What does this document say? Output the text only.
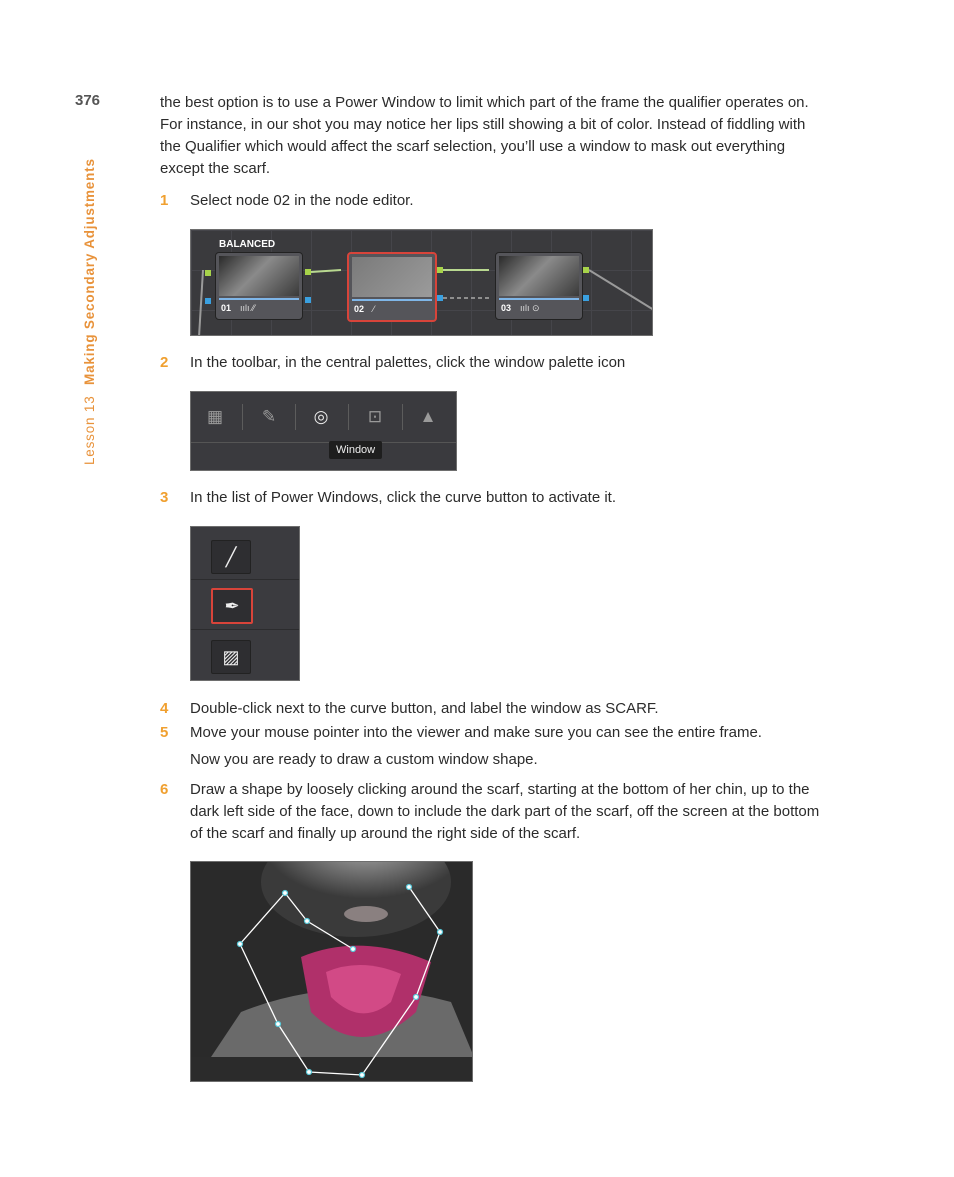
376
Lesson 13 Making Secondary Adjustments

the best option is to use a Power Window to limit which part of the frame the qualifier operates on. For instance, in our shot you may notice her lips still showing a bit of color. Instead of fiddling with the Qualifier which would affect the scarf selection, you’ll use a window to mask out everything except the scarf.

1 Select node 02 in the node editor.

BALANCED
01 ıılı ⁄⁄	02 ⁄	03 ıılı ⊙
2 In the toolbar, in the central palettes, click the window palette icon

▦ ✎ ◎ ⊡ ▲
Window
3 In the list of Power Windows, click the curve button to activate it.

╱
✒
▨
4 Double-click next to the curve button, and label the window as SCARF.

5 Move your mouse pointer into the viewer and make sure you can see the entire frame.

Now you are ready to draw a custom window shape.

6 Draw a shape by loosely clicking around the scarf, starting at the bottom of her chin, up to the dark left side of the face, down to include the dark part of the scarf, off the screen at the bottom of the scarf and finally up around the right side of the scarf.
